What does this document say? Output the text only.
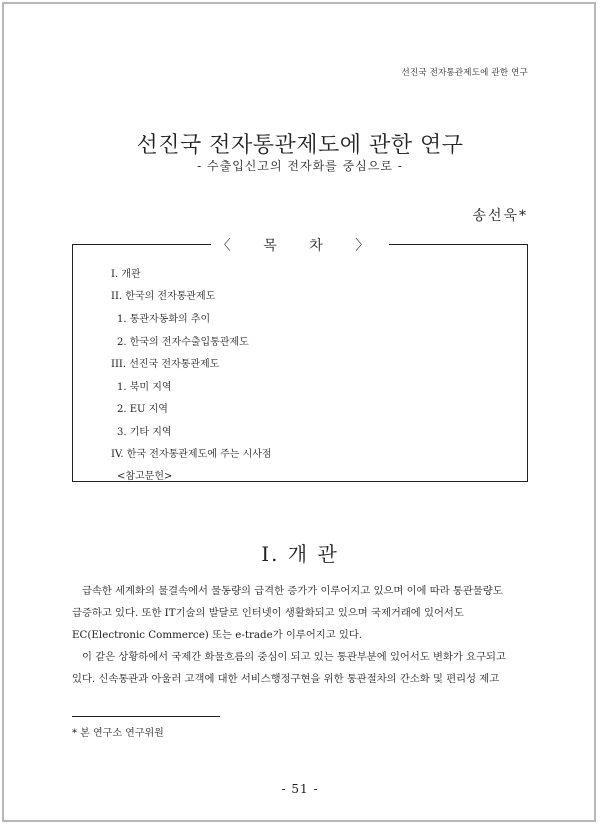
선진국 전자통관제도에 관한 연구
선진국 전자통관제도에 관한 연구
- 수출입신고의 전자화를 중심으로 -
송선욱*
〈 목 차 〉
I. 개관
II. 한국의 전자통관제도
1. 통관자동화의 추이
2. 한국의 전자수출입통관제도
III. 선진국 전자통관제도
1. 북미 지역
2. EU 지역
3. 기타 지역
IV. 한국 전자통관제도에 주는 시사점
<참고문헌>
I. 개 관
급속한 세계화의 물결속에서 물동량의 급격한 증가가 이루어지고 있으며 이에 따라 통관물량도
급증하고 있다. 또한 IT기술의 발달로 인터넷이 생활화되고 있으며 국제거래에 있어서도
EC(Electronic Commerce) 또는 e-trade가 이루어지고 있다.
이 같은 상황하에서 국제간 화물흐름의 중심이 되고 있는 통관부분에 있어서도 변화가 요구되고
있다. 신속통관과 아울러 고객에 대한 서비스행정구현을 위한 통관절차의 간소화 및 편리성 제고
* 본 연구소 연구위원
- 51 -
